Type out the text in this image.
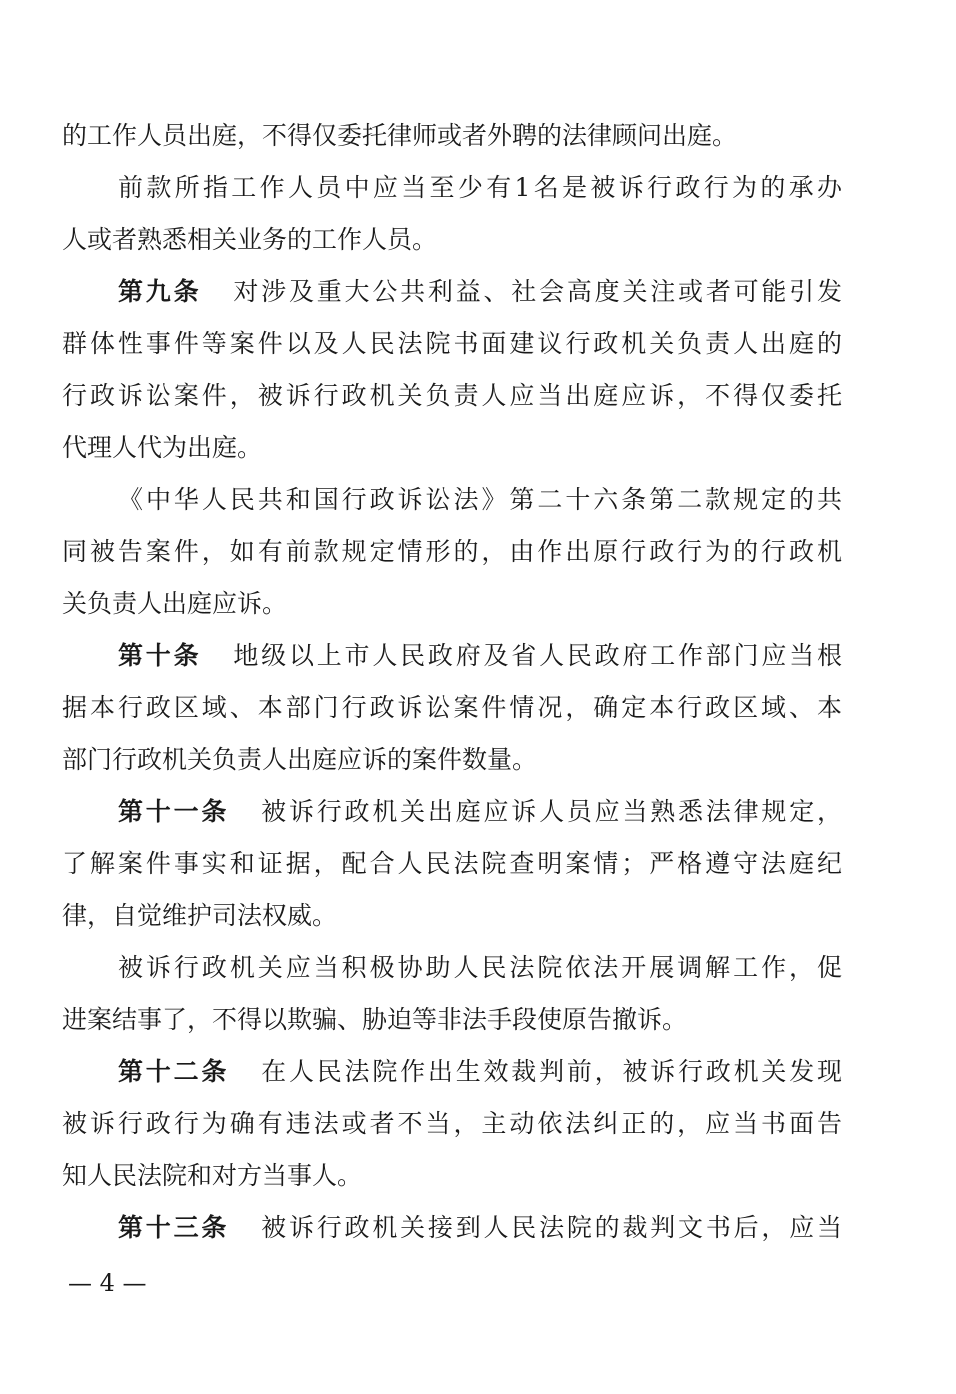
的工作人员出庭，不得仅委托律师或者外聘的法律顾问出庭。
前款所指工作人员中应当至少有1名是被诉行政行为的承办
人或者熟悉相关业务的工作人员。
第九条 对涉及重大公共利益、社会高度关注或者可能引发
群体性事件等案件以及人民法院书面建议行政机关负责人出庭的
行政诉讼案件，被诉行政机关负责人应当出庭应诉，不得仅委托
代理人代为出庭。
《中华人民共和国行政诉讼法》第二十六条第二款规定的共
同被告案件，如有前款规定情形的，由作出原行政行为的行政机
关负责人出庭应诉。
第十条 地级以上市人民政府及省人民政府工作部门应当根
据本行政区域、本部门行政诉讼案件情况，确定本行政区域、本
部门行政机关负责人出庭应诉的案件数量。
第十一条 被诉行政机关出庭应诉人员应当熟悉法律规定，
了解案件事实和证据，配合人民法院查明案情；严格遵守法庭纪
律，自觉维护司法权威。
被诉行政机关应当积极协助人民法院依法开展调解工作，促
进案结事了，不得以欺骗、胁迫等非法手段使原告撤诉。
第十二条 在人民法院作出生效裁判前，被诉行政机关发现
被诉行政行为确有违法或者不当，主动依法纠正的，应当书面告
知人民法院和对方当事人。
第十三条 被诉行政机关接到人民法院的裁判文书后，应当
— 4 —
